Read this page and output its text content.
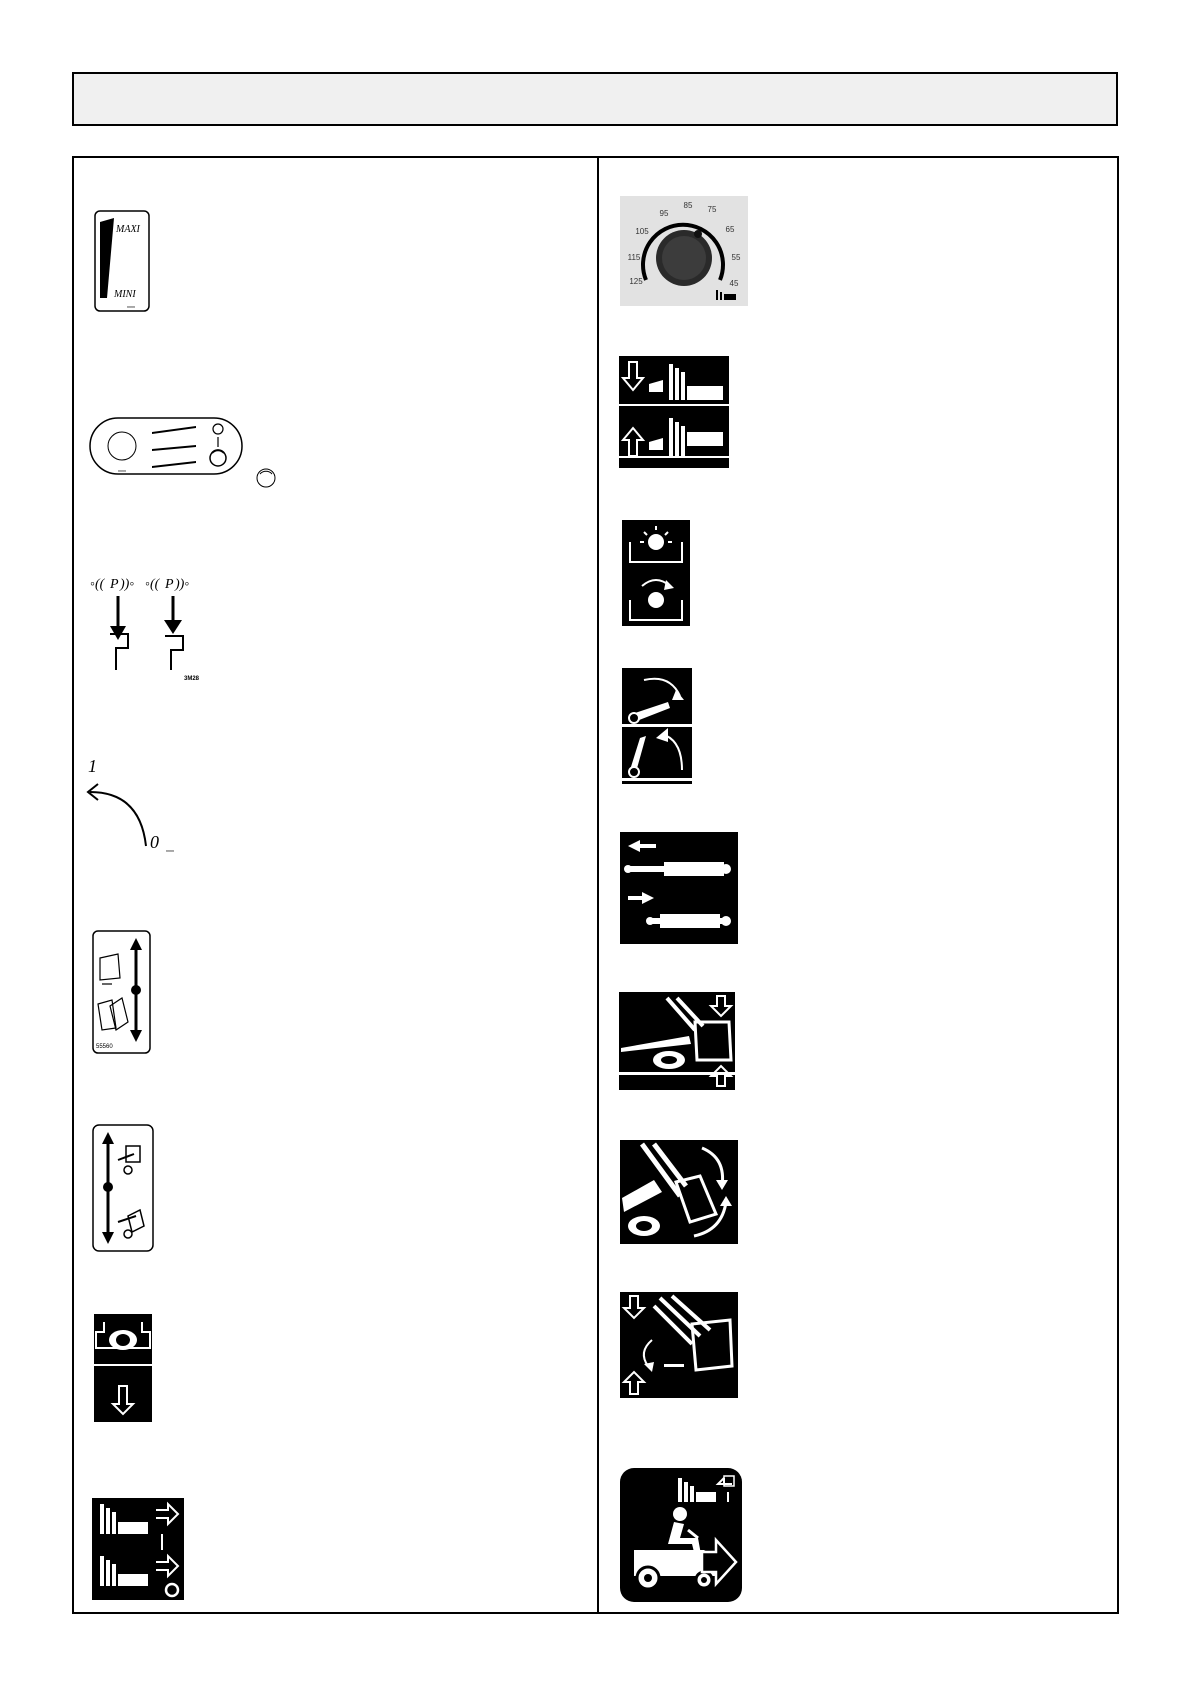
MAXI
MINI
xxxx
xxxx
◦(( P ))◦ ◦(( P ))◦
3M28
1
0 xxxx
55560
45
55
65
75
85
95
105
115
125
